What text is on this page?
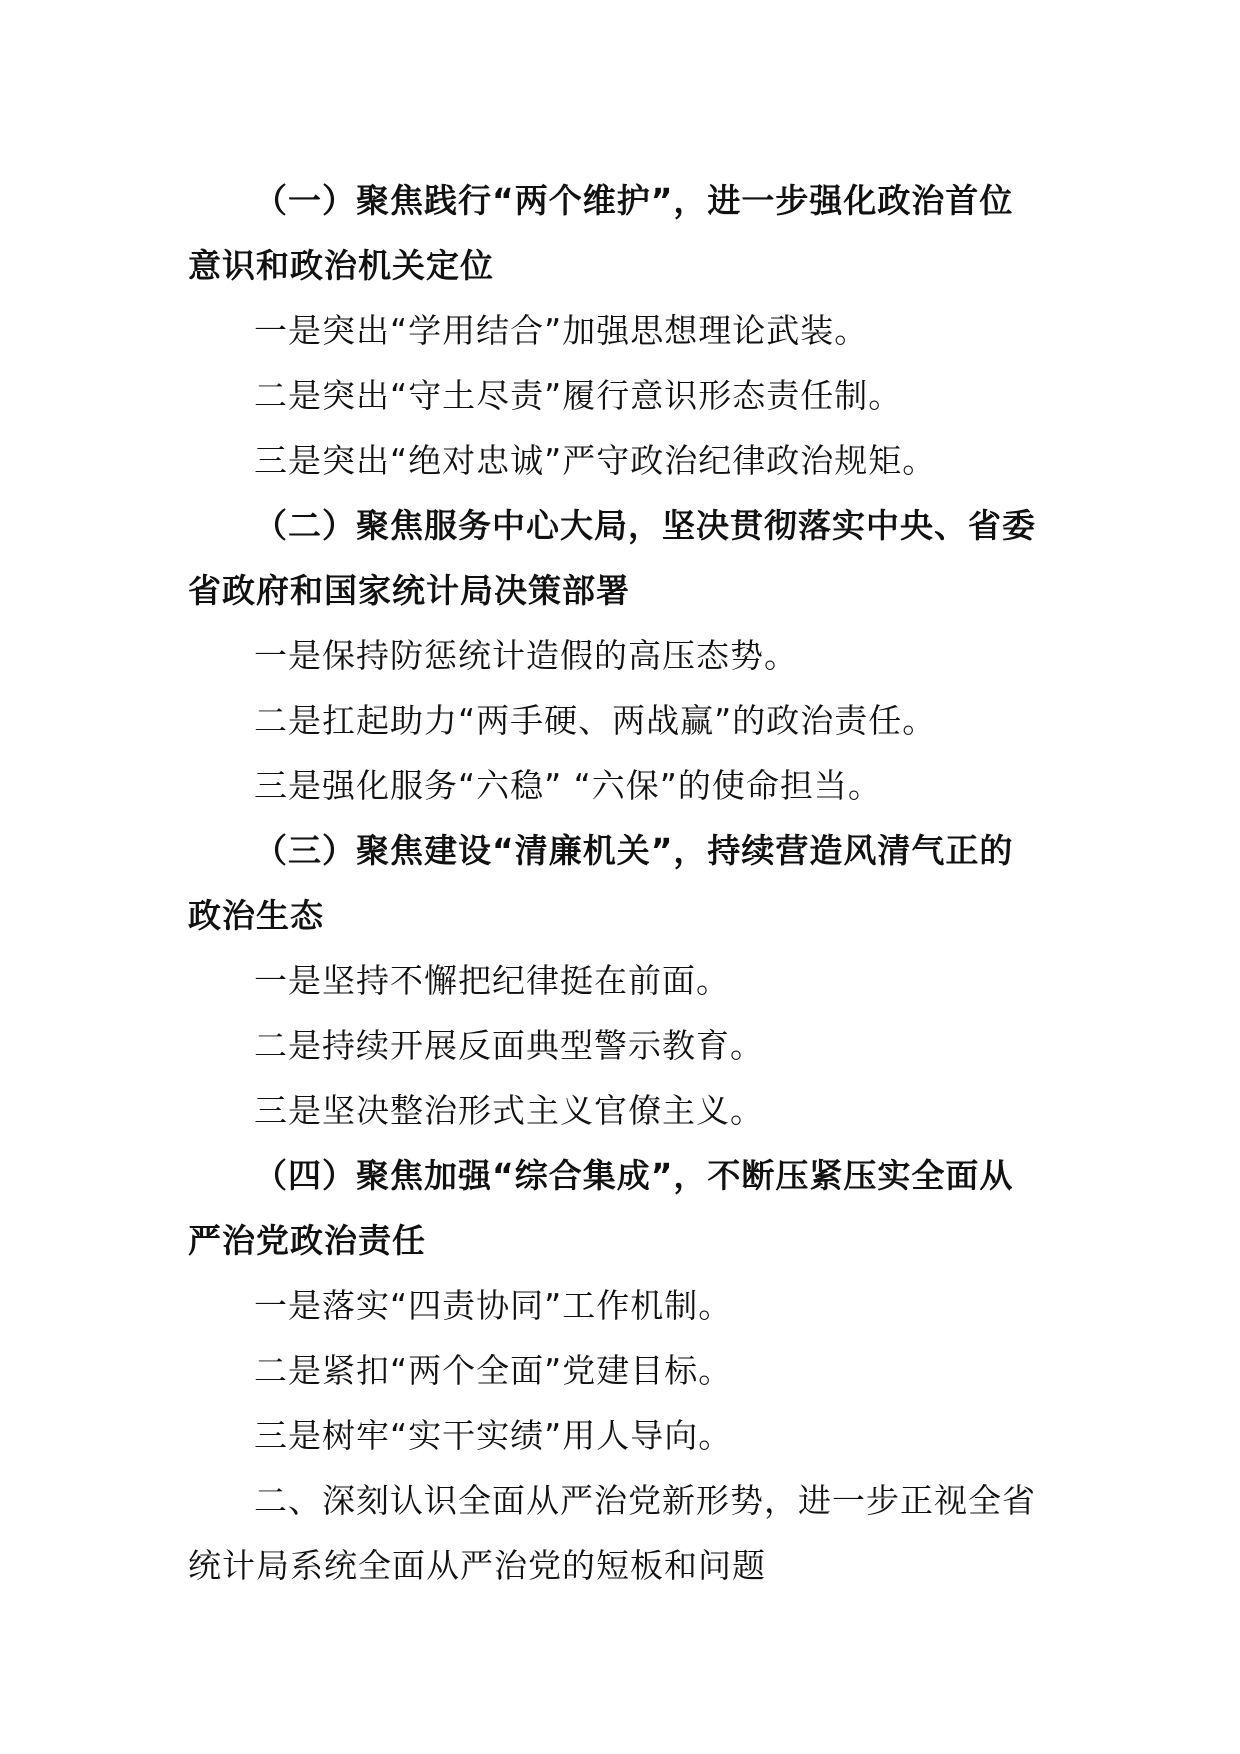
（一）聚焦践行“两个维护”，进一步强化政治首位
意识和政治机关定位
一是突出“学用结合”加强思想理论武装。
二是突出“守土尽责”履行意识形态责任制。
三是突出“绝对忠诚”严守政治纪律政治规矩。
（二）聚焦服务中心大局，坚决贯彻落实中央、省委
省政府和国家统计局决策部署
一是保持防惩统计造假的高压态势。
二是扛起助力“两手硬、两战赢”的政治责任。
三是强化服务“六稳” “六保”的使命担当。
（三）聚焦建设“清廉机关”，持续营造风清气正的
政治生态
一是坚持不懈把纪律挺在前面。
二是持续开展反面典型警示教育。
三是坚决整治形式主义官僚主义。
（四）聚焦加强“综合集成”，不断压紧压实全面从
严治党政治责任
一是落实“四责协同”工作机制。
二是紧扣“两个全面”党建目标。
三是树牢“实干实绩”用人导向。
二、深刻认识全面从严治党新形势，进一步正视全省
统计局系统全面从严治党的短板和问题
